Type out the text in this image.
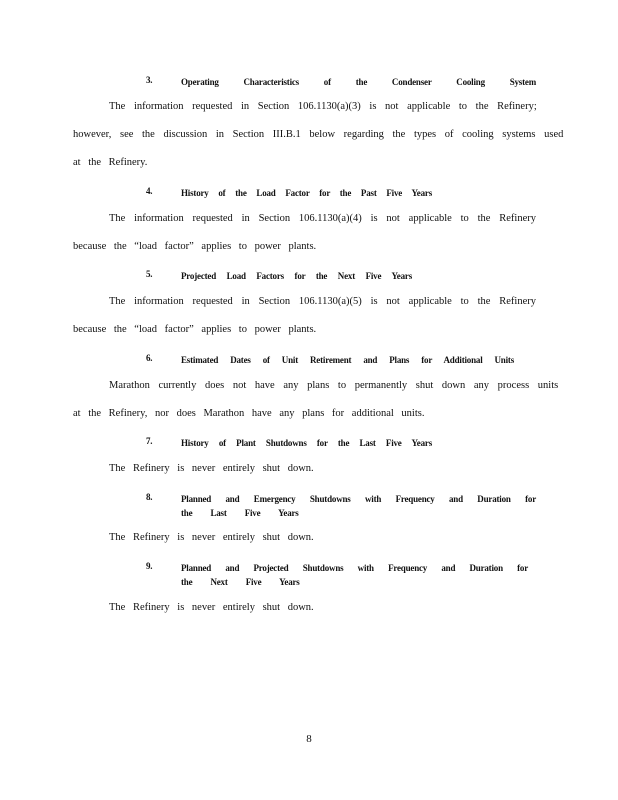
3.	Operating Characteristics of the Condenser Cooling System
The information requested in Section 106.1130(a)(3) is not applicable to the Refinery;
however, see the discussion in Section III.B.1 below regarding the types of cooling systems used
at the Refinery.
4.	History of the Load Factor for the Past Five Years
The information requested in Section 106.1130(a)(4) is not applicable to the Refinery
because the “load factor” applies to power plants.
5.	Projected Load Factors for the Next Five Years
The information requested in Section 106.1130(a)(5) is not applicable to the Refinery
because the “load factor” applies to power plants.
6.	Estimated Dates of Unit Retirement and Plans for Additional Units
Marathon currently does not have any plans to permanently shut down any process units
at the Refinery, nor does Marathon have any plans for additional units.
7.	History of Plant Shutdowns for the Last Five Years
The Refinery is never entirely shut down.
8.	Planned and Emergency Shutdowns with Frequency and Duration for
the Last Five Years
The Refinery is never entirely shut down.
9.	Planned and Projected Shutdowns with Frequency and Duration for
the Next Five Years
The Refinery is never entirely shut down.
8
